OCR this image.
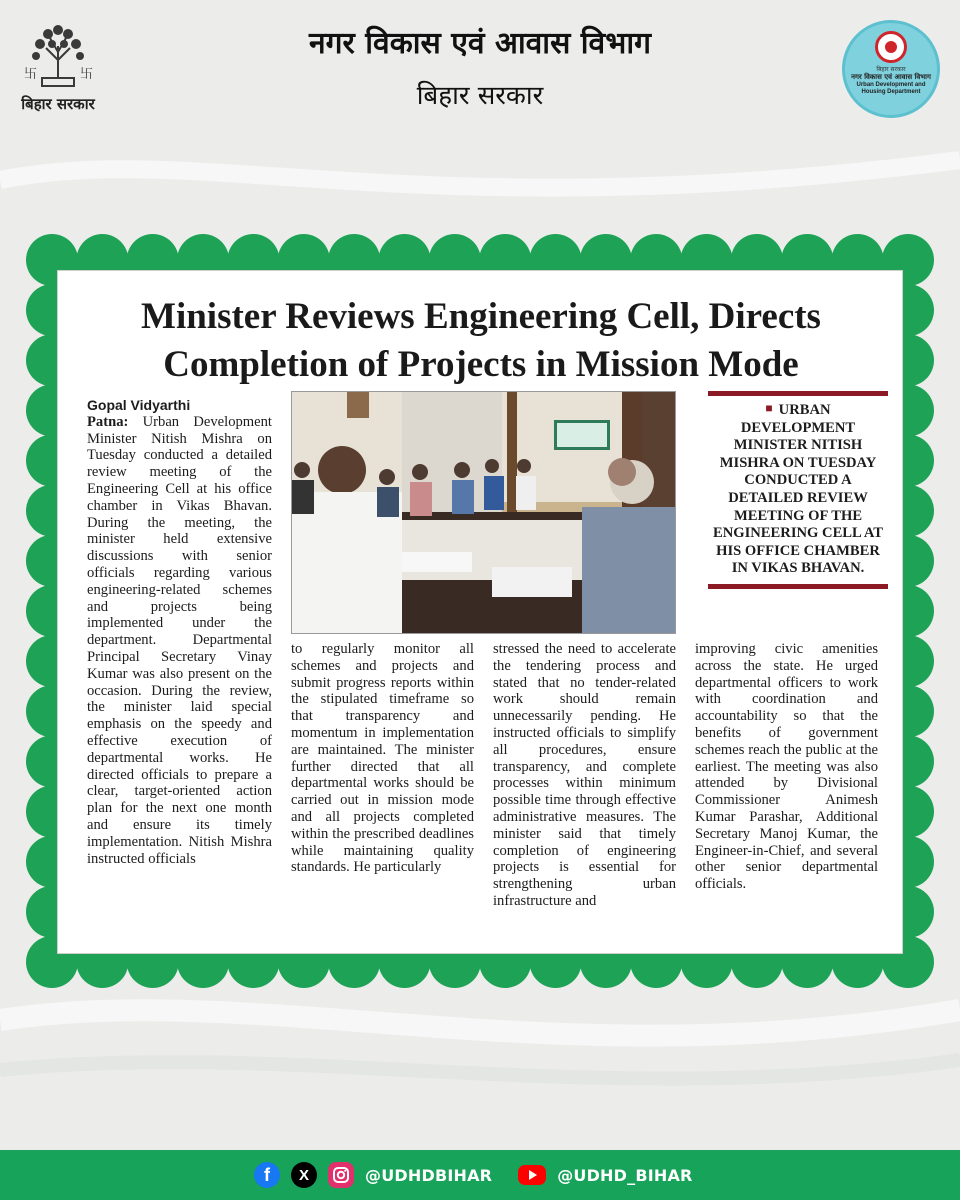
卐	卐
बिहार सरकार
नगर विकास एवं आवास विभाग
बिहार सरकार
बिहार सरकार
नगर विकास एवं आवास विभाग
Urban Development and
Housing Department
Minister Reviews Engineering Cell, Directs
Completion of Projects in Mission Mode
Gopal Vidyarthi

Patna: Urban Development Minister Nitish Mishra on Tuesday conducted a detailed review meeting of the Engineering Cell at his office chamber in Vikas Bhavan. During the meeting, the minister held extensive discussions with senior officials regarding various engineering-related schemes and projects being implemented under the department. Departmental Principal Secretary Vinay Kumar was also present on the occasion. During the review, the minister laid special emphasis on the speedy and effective execution of departmental works. He directed officials to prepare a clear, target-oriented action plan for the next one month and ensure its timely implementation. Nitish Mishra instructed officials

■ URBAN DEVELOPMENT MINISTER NITISH MISHRA ON TUESDAY CONDUCTED A DETAILED REVIEW MEETING OF THE ENGINEERING CELL AT HIS OFFICE CHAMBER IN VIKAS BHAVAN.

to regularly monitor all schemes and projects and submit progress reports within the stipulated timeframe so that transparency and momentum in implementation are maintained. The minister further directed that all departmental works should be carried out in mission mode and all projects completed within the prescribed deadlines while maintaining quality standards. He particularly

stressed the need to accelerate the tendering process and stated that no tender-related work should remain unnecessarily pending. He instructed officials to simplify all procedures, ensure transparency, and complete processes within minimum possible time through effective administrative measures. The minister said that timely completion of engineering projects is essential for strengthening urban infrastructure and

improving civic amenities across the state. He urged departmental officers to work with coordination and accountability so that the benefits of government schemes reach the public at the earliest. The meeting was also attended by Divisional Commissioner Animesh Kumar Parashar, Additional Secretary Manoj Kumar, the Engineer-in-Chief, and several other senior departmental officials.

f X	@UDHDBIHAR	@UDHD_BIHAR
